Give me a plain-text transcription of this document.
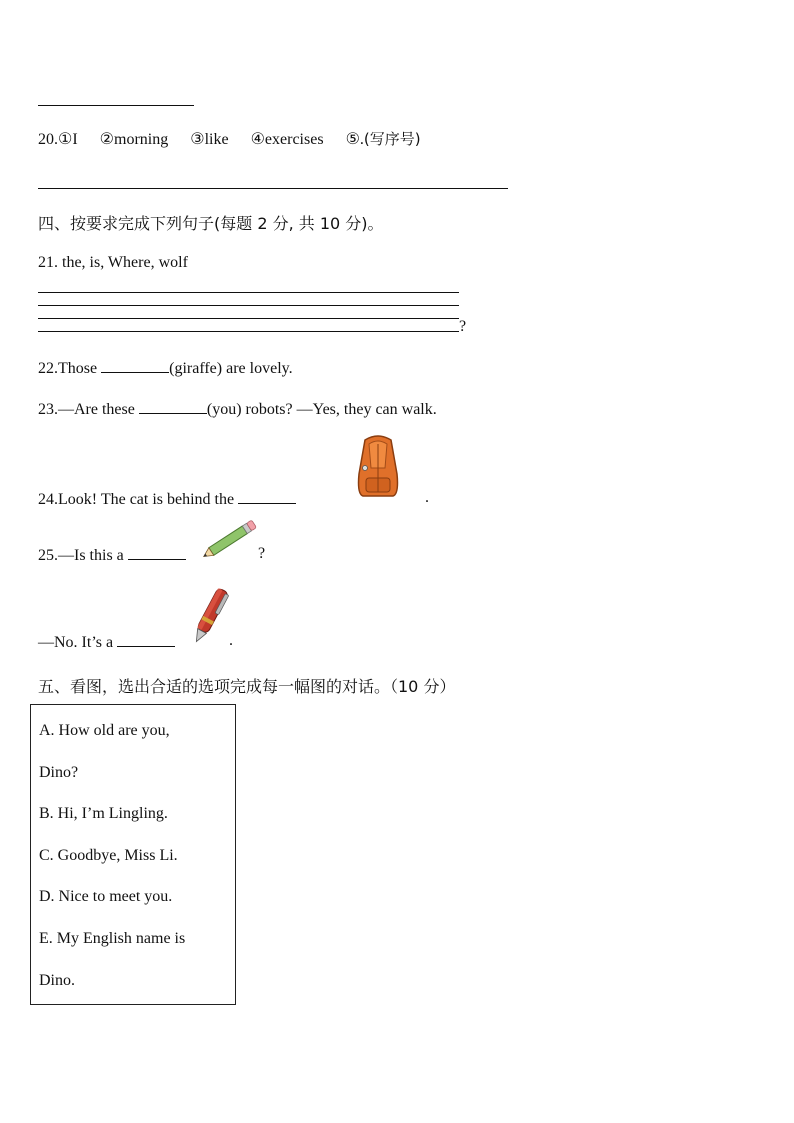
20.①I ②morning ③like ④exercises ⑤.(写序号)
四、按要求完成下列句子(每题 2 分, 共 10 分)。
21. the, is, Where, wolf
?
22.Those	(giraffe) are lovely.
23.—Are these	(you) robots? —Yes, they can walk.
24.Look! The cat is behind the	.
25.—Is this a	?
—No. It’s a	.
五、看图，选出合适的选项完成每一幅图的对话。（10 分）
A. How old are you,
Dino?
B. Hi, I’m Lingling.
C. Goodbye, Miss Li.
D. Nice to meet you.
E. My English name is
Dino.
